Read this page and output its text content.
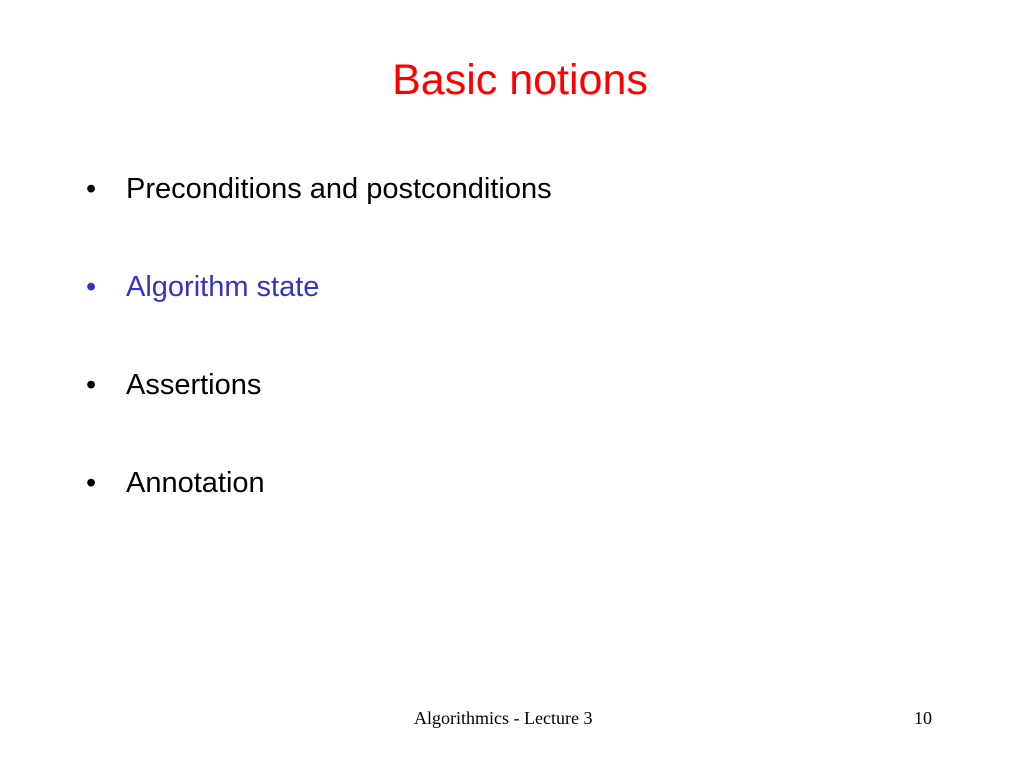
Basic notions
•	Preconditions and postconditions
•	Algorithm state
•	Assertions
•	Annotation
Algorithmics - Lecture 3	10
